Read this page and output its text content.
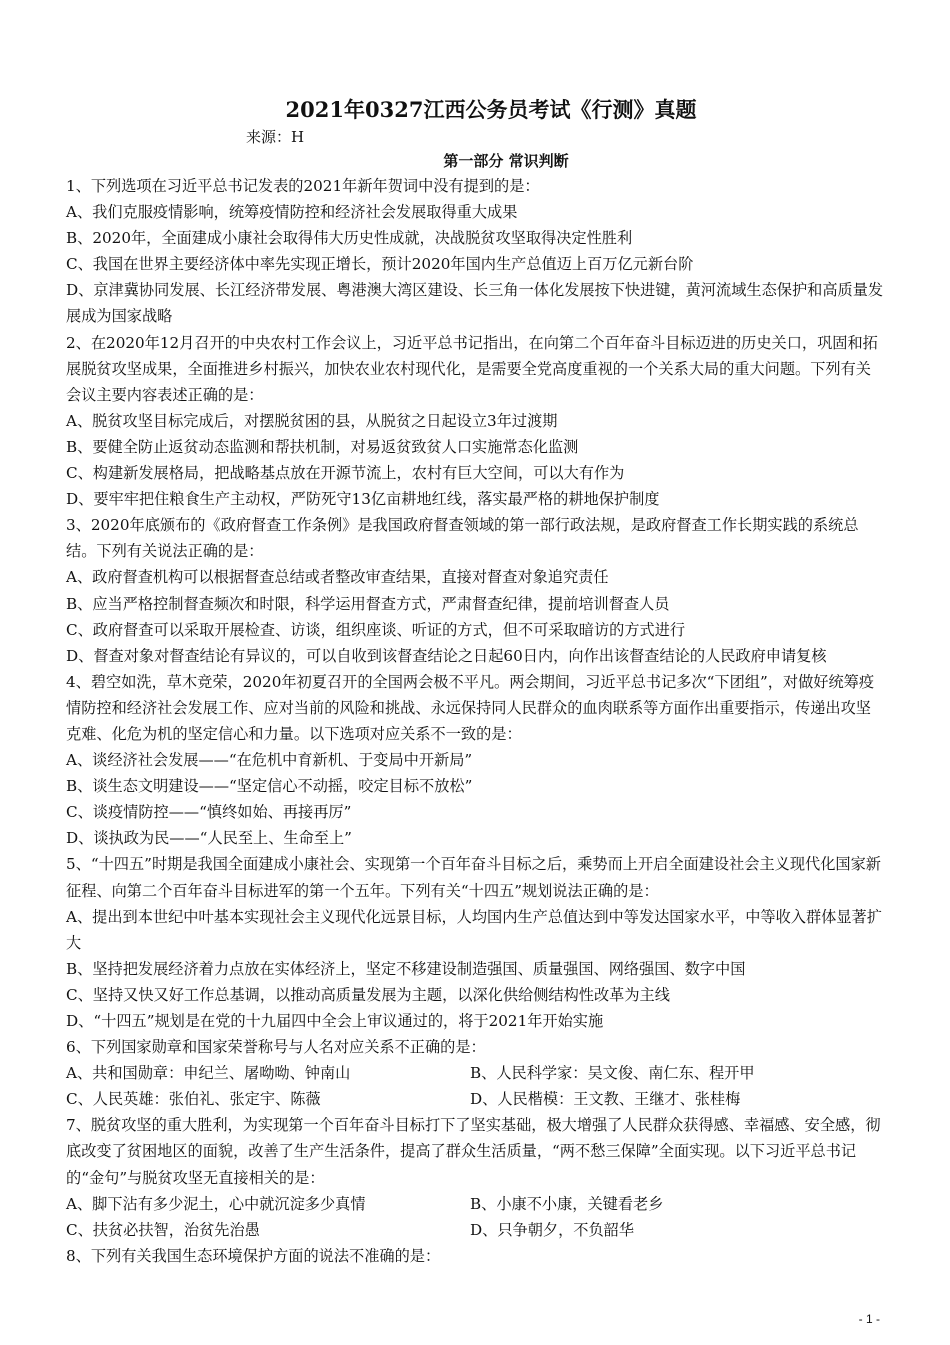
2021年0327江西公务员考试《行测》真题
来源：H
第一部分 常识判断
1、下列选项在习近平总书记发表的2021年新年贺词中没有提到的是：
A、我们克服疫情影响，统筹疫情防控和经济社会发展取得重大成果
B、2020年，全面建成小康社会取得伟大历史性成就，决战脱贫攻坚取得决定性胜利
C、我国在世界主要经济体中率先实现正增长，预计2020年国内生产总值迈上百万亿元新台阶
D、京津冀协同发展、长江经济带发展、粤港澳大湾区建设、长三角一体化发展按下快进键，黄河流域生态保护和高质量发展成为国家战略
2、在2020年12月召开的中央农村工作会议上，习近平总书记指出，在向第二个百年奋斗目标迈进的历史关口，巩固和拓展脱贫攻坚成果，全面推进乡村振兴，加快农业农村现代化，是需要全党高度重视的一个关系大局的重大问题。下列有关会议主要内容表述正确的是：
A、脱贫攻坚目标完成后，对摆脱贫困的县，从脱贫之日起设立3年过渡期
B、要健全防止返贫动态监测和帮扶机制，对易返贫致贫人口实施常态化监测
C、构建新发展格局，把战略基点放在开源节流上，农村有巨大空间，可以大有作为
D、要牢牢把住粮食生产主动权，严防死守13亿亩耕地红线，落实最严格的耕地保护制度
3、2020年底颁布的《政府督查工作条例》是我国政府督查领域的第一部行政法规，是政府督查工作长期实践的系统总结。下列有关说法正确的是：
A、政府督查机构可以根据督查总结或者整改审查结果，直接对督查对象追究责任
B、应当严格控制督查频次和时限，科学运用督查方式，严肃督查纪律，提前培训督查人员
C、政府督查可以采取开展检查、访谈，组织座谈、听证的方式，但不可采取暗访的方式进行
D、督查对象对督查结论有异议的，可以自收到该督查结论之日起60日内，向作出该督查结论的人民政府申请复核
4、碧空如洗，草木竞荣，2020年初夏召开的全国两会极不平凡。两会期间，习近平总书记多次“下团组”，对做好统筹疫情防控和经济社会发展工作、应对当前的风险和挑战、永远保持同人民群众的血肉联系等方面作出重要指示，传递出攻坚克难、化危为机的坚定信心和力量。以下选项对应关系不一致的是：
A、谈经济社会发展——“在危机中育新机、于变局中开新局”
B、谈生态文明建设——“坚定信心不动摇，咬定目标不放松”
C、谈疫情防控——“慎终如始、再接再厉”
D、谈执政为民——“人民至上、生命至上”
5、“十四五”时期是我国全面建成小康社会、实现第一个百年奋斗目标之后，乘势而上开启全面建设社会主义现代化国家新征程、向第二个百年奋斗目标进军的第一个五年。下列有关“十四五”规划说法正确的是：
A、提出到本世纪中叶基本实现社会主义现代化远景目标，人均国内生产总值达到中等发达国家水平，中等收入群体显著扩大
B、坚持把发展经济着力点放在实体经济上，坚定不移建设制造强国、质量强国、网络强国、数字中国
C、坚持又快又好工作总基调，以推动高质量发展为主题，以深化供给侧结构性改革为主线
D、“十四五”规划是在党的十九届四中全会上审议通过的，将于2021年开始实施
6、下列国家勋章和国家荣誉称号与人名对应关系不正确的是：
A、共和国勋章：申纪兰、屠呦呦、钟南山	B、人民科学家：吴文俊、南仁东、程开甲
C、人民英雄：张伯礼、张定宇、陈薇	D、人民楷模：王文教、王继才、张桂梅
7、脱贫攻坚的重大胜利，为实现第一个百年奋斗目标打下了坚实基础，极大增强了人民群众获得感、幸福感、安全感，彻底改变了贫困地区的面貌，改善了生产生活条件，提高了群众生活质量，“两不愁三保障”全面实现。以下习近平总书记的“金句”与脱贫攻坚无直接相关的是：
A、脚下沾有多少泥土，心中就沉淀多少真情	B、小康不小康，关键看老乡
C、扶贫必扶智，治贫先治愚	D、只争朝夕，不负韶华
8、下列有关我国生态环境保护方面的说法不准确的是：
- 1 -
